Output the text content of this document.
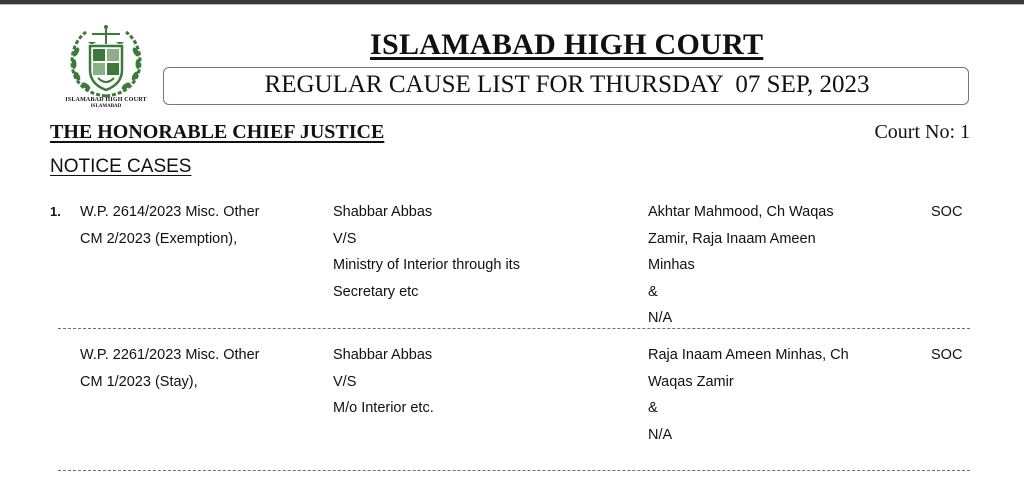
ISLAMABAD HIGH COURT
ISLAMABAD
ISLAMABAD HIGH COURT
REGULAR CAUSE LIST FOR THURSDAY  07 SEP, 2023
THE HONORABLE CHIEF JUSTICE	Court No: 1
NOTICE CASES
1. W.P. 2614/2023 Misc. Other
CM 2/2023 (Exemption),
Shabbar Abbas
V/S
Ministry of Interior through its
Secretary etc
Akhtar Mahmood, Ch Waqas
Zamir, Raja Inaam Ameen
Minhas
&
N/A
SOC
W.P. 2261/2023 Misc. Other
CM 1/2023 (Stay),
Shabbar Abbas
V/S
M/o Interior etc.
Raja Inaam Ameen Minhas, Ch
Waqas Zamir
&
N/A
SOC
